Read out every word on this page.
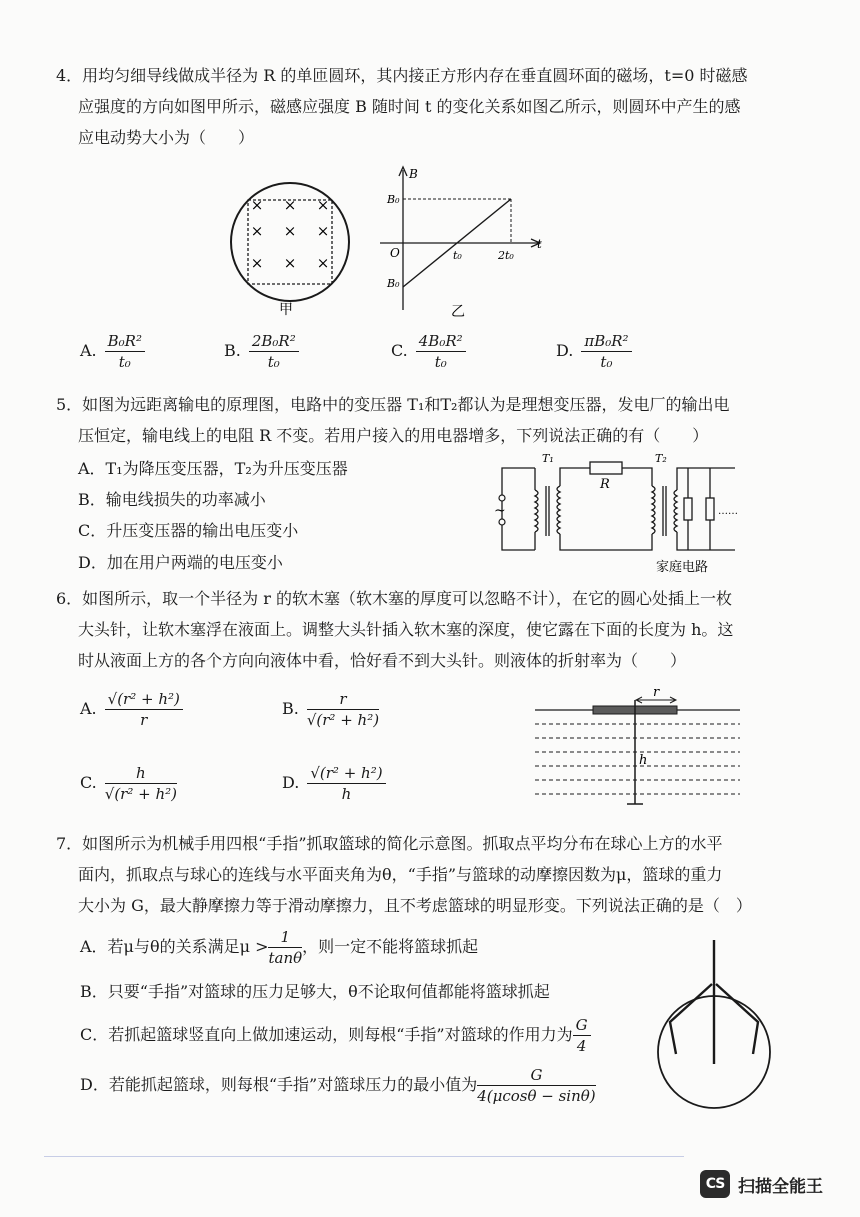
4．用均匀细导线做成半径为 R 的单匝圆环，其内接正方形内存在垂直圆环面的磁场，t=0 时磁感
应强度的方向如图甲所示，磁感应强度 B 随时间 t 的变化关系如图乙所示，则圆环中产生的感
应电动势大小为（　　）
× × ×
× × ×
× × ×
甲
B
t
O
B₀
B₀
t₀	2t₀
乙
A. $\frac{\text{B₀R²}}{\text{t₀}}$	B. $\frac{\text{2B₀R²}}{\text{t₀}}$	C. $\frac{\text{4B₀R²}}{\text{t₀}}$	D. $\frac{\text{πB₀R²}}{\text{t₀}}$
5．如图为远距离输电的原理图，电路中的变压器 T₁和T₂都认为是理想变压器，发电厂的输出电
压恒定，输电线上的电阻 R 不变。若用户接入的用电器增多，下列说法正确的有（　　）
A．T₁为降压变压器，T₂为升压变压器
B．输电线损失的功率减小
C．升压变压器的输出电压变小
D．加在用户两端的电压变小
~
T₁
R
T₂
……
家庭电路
6．如图所示，取一个半径为 r 的软木塞（软木塞的厚度可以忽略不计），在它的圆心处插上一枚
大头针，让软木塞浮在液面上。调整大头针插入软木塞的深度，使它露在下面的长度为 h。这
时从液面上方的各个方向向液体中看，恰好看不到大头针。则液体的折射率为（　　）
A. $\frac{\text{√(r² + h²)}}{r}$	B. $\frac{r}{\text{√(r² + h²)}}$
C. $\frac{h}{\text{√(r² + h²)}}$	D. $\frac{\text{√(r² + h²)}}{h}$
r
h
7．如图所示为机械手用四根“手指”抓取篮球的简化示意图。抓取点平均分布在球心上方的水平
面内，抓取点与球心的连线与水平面夹角为θ，“手指”与篮球的动摩擦因数为μ，篮球的重力
大小为 G，最大静摩擦力等于滑动摩擦力，且不考虑篮球的明显形变。下列说法正确的是（　）
A．若μ与θ的关系满足$\mu > \frac{1}{\tan\theta}$ ，则一定不能将篮球抓起
B．只要“手指”对篮球的压力足够大，θ不论取何值都能将篮球抓起
C．若抓起篮球竖直向上做加速运动，则每根“手指”对篮球的作用力为 $\frac{G}{4}$
D．若能抓起篮球，则每根“手指”对篮球压力的最小值为 $\frac{G}{4(\mu\cos\theta - \sin\theta)}$
CS 扫描全能王
